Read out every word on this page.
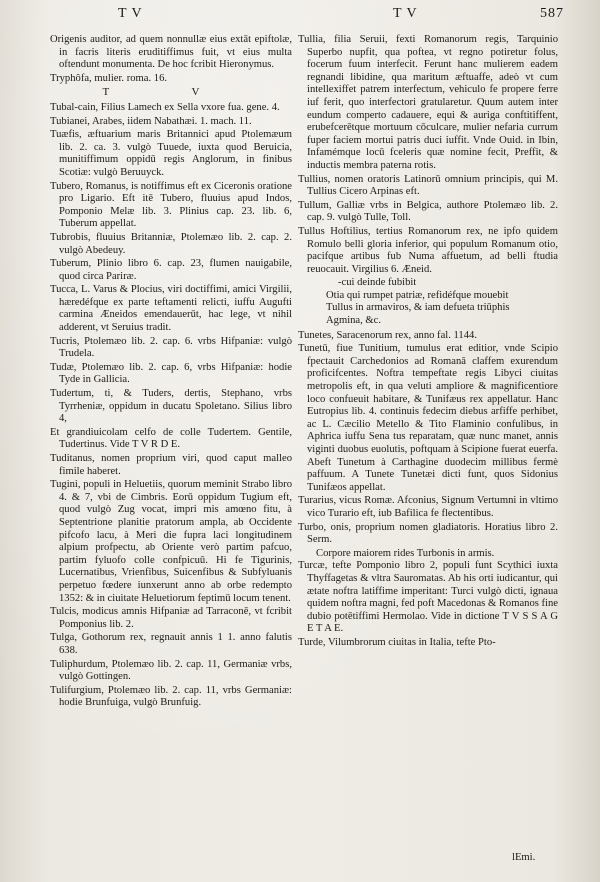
T V	T V	587

Origenis auditor, ad quem nonnullæ eius extāt epiftolæ, in facris literis eruditiffimus fuit, vt eius multa oftendunt monumenta. De hoc fcribit Hieronymus.

Tryphôfa, mulier. roma. 16.

T V

Tubal-cain, Filius Lamech ex Sella vxore fua. gene. 4.

Tubianei, Arabes, iidem Nabathæi. 1. mach. 11.

Tuæfis, æftuarium maris Britannici apud Ptolemæum lib. 2. ca. 3. vulgò Tuuede, iuxta quod Beruicia, munitiffimum oppidū regis Anglorum, in finibus Scotiæ: vulgò Beruuyck.

Tubero, Romanus, is notiffimus eft ex Ciceronis oratione pro Ligario. Eft itē Tubero, fluuius apud Indos, Pomponio Melæ lib. 3. Plinius cap. 23. lib. 6, Tuberum appellat.

Tubrobis, fluuius Britanniæ, Ptolemæo lib. 2. cap. 2. vulgò Abedeuy.

Tuberum, Plinio libro 6. cap. 23, flumen nauigabile, quod circa Pariræ.

Tucca, L. Varus & Plocius, viri doctiffimi, amici Virgilii, hæredéfque ex parte teftamenti relicti, iuffu Augufti carmina Æneidos emendauerūt, hac lege, vt nihil adderent, vt Seruius tradit.

Tucris, Ptolemæo lib. 2. cap. 6. vrbs Hifpaniæ: vulgò Trudela.

Tudæ, Ptolemæo lib. 2. cap. 6, vrbs Hifpaniæ: hodie Tyde in Gallicia.

Tudertum, ti, & Tuders, dertis, Stephano, vrbs Tyrrheniæ, oppidum in ducatu Spoletano. Silius libro 4,

Et grandiuicolam celfo de colle Tudertem. Gentile, Tudertinus. Vide T V R D E.

Tuditanus, nomen proprium viri, quod caput malleo fimile haberet.

Tugini, populi in Heluetiis, quorum meminit Strabo libro 4. & 7, vbi de Cimbris. Eorū oppidum Tugium eft, quod vulgò Zug vocat, impri mis amœno fitu, à Septentrione planitie pratorum ampla, ab Occidente pifcofo lacu, à Meri die fupra laci longitudinem alpium profpectu, ab Oriente verò partim pafcuo, partim fyluofo colle confpicuū. Hi fe Tigurinis, Lucernatibus, Vrienfibus, Suicenfibus & Subfyluanis perpetuo fœdere iunxerunt anno ab orbe redempto 1352: & in ciuitate Heluetiorum feptimū locum tenent.

Tulcis, modicus amnis Hifpaniæ ad Tarraconē, vt fcribit Pomponius lib. 2.

Tulga, Gothorum rex, regnauit annis 1 1. anno falutis 638.

Tuliphurdum, Ptolemæo lib. 2. cap. 11, Germaniæ vrbs, vulgò Gottingen.

Tulifurgium, Ptolemæo lib. 2. cap. 11, vrbs Germaniæ: hodie Brunfuiga, vulgò Brunfuig.

Tullia, filia Seruii, fexti Romanorum regis, Tarquinio Superbo nupfit, qua poftea, vt regno potiretur folus, focerum fuum interfecit. Ferunt hanc mulierem eadem regnandi libidine, qua maritum æftuaffe, adeò vt cum intellexiffet patrem interfectum, vehiculo fe propere ferre iuf ferit, quo interfectori gratularetur. Quum autem inter eundum comperto cadauere, equi & auriga conftitiffent, erubefcerētque mortuum cōculcare, mulier nefaria currum fuper faciem mortui patris duci iuffit. Vnde Ouid. in Ibin, Infamémque locū fceleris quæ nomine fecit, Preffit, & inductis membra paterna rotis.

Tullius, nomen oratoris Latinorū omnium principis, qui M. Tullius Cicero Arpinas eft.

Tullum, Galliæ vrbs in Belgica, authore Ptolemæo lib. 2. cap. 9. vulgò Tulle, Toll.

Tullus Hoftilius, tertius Romanorum rex, ne ipfo quidem Romulo belli gloria inferior, qui populum Romanum otio, pacifque artibus fub Numa affuetum, ad belli ftudia reuocauit. Virgilius 6. Æneid.

-cui deinde fubibit
Otia qui rumpet patriæ, refidéfque mouebit
Tullus in armaviros, & iam defueta triūphis
Agmina, &c.

Tunetes, Saracenorum rex, anno fal. 1144.

Tunetū, fiue Tunitium, tumulus erat editior, vnde Scipio fpectauit Carchedonios ad Romanā claffem exurendum proficifcentes. Noftra tempeftate regis Libyci ciuitas metropolis eft, in qua veluti ampliore & magnificentiore loco confueuit habitare, & Tunifæus rex appellatur. Hanc Eutropius lib. 4. continuis fedecim diebus arfiffe perhibet, ac L. Cæcilio Metello & Tito Flaminio confulibus, in Aphrica iuffu Sena tus reparatam, quæ nunc manet, annis viginti duobus euolutis, poftquam à Scipione fuerat euerfa. Abeft Tunetum à Carthagine duodecim millibus fermè paffuum. A Tunete Tunetæi dicti funt, quos Sidonius Tunifæos appellat.

Turarius, vicus Romæ. Afconius, Signum Vertumni in vltimo vico Turario eft, iub Bafilica fe flectentibus.

Turbo, onis, proprium nomen gladiatoris. Horatius libro 2. Serm.

Corpore maiorem rides Turbonis in armis.

Turcæ, tefte Pomponio libro 2, populi funt Scythici iuxta Thyffagetas & vltra Sauromatas. Ab his orti iudicantur, qui ætate noftra latiffime imperitant: Turci vulgò dicti, ignaua quidem noftra magni, fed poft Macedonas & Romanos fine dubio potētiffimi Hermolao. Vide in dictione T V S S A G E T A E.

Turde, Vilumbrorum ciuitas in Italia, tefte Pto-

lEmi.
